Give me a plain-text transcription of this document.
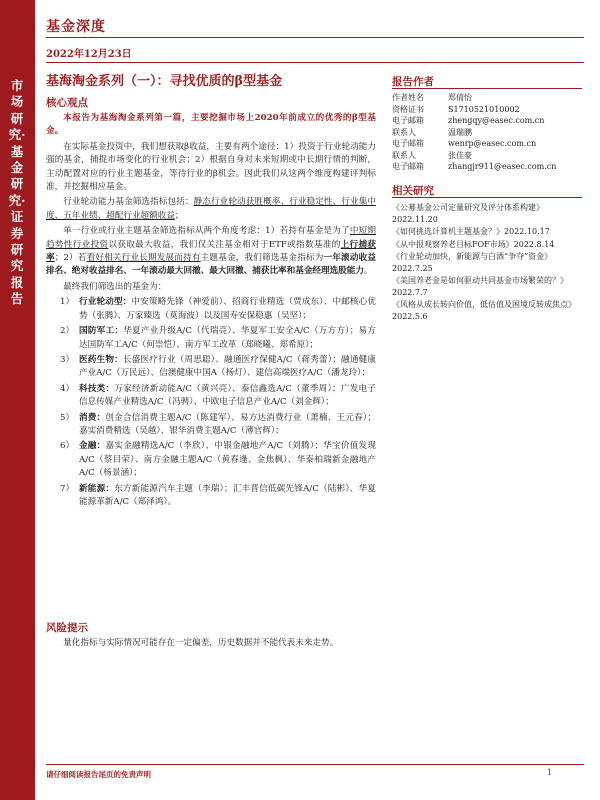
市场研究·基金研究·证券研究报告
基金深度
2022年12月23日
基海淘金系列（一）：寻找优质的β型基金
核心观点

本报告为基海淘金系列第一篇，主要挖掘市场上2020年前成立的优秀的β型基金。

在实际基金投资中，我们想获取β收益，主要有两个途径：1）投资于行业轮动能力强的基金，捕捉市场变化的行业机会；2）根据自身对未来短期或中长期行情的判断，主动配置对应的行业主题基金，等待行业的β机会。因此我们从这两个维度构建评判标准，并挖掘相应基金。

行业轮动能力基金筛选指标包括：静态行业轮动获胜概率、行业稳定性、行业集中度、五年业绩、超配行业超额收益；

单一行业或行业主题基金筛选指标从两个角度考虑：1）若持有基金是为了中短期趋势性行业投资以获取最大收益，我们仅关注基金相对于ETF或指数基准的上行捕获率；2）若看好相关行业长期发展而持有主题基金，我们筛选基金指标为一年滚动收益排名、绝对收益排名、一年滚动最大回撤、最大回撤、捕获比率和基金经理选股能力。

最终我们筛选出的基金为：

1） 行业轮动型：中安策略先锋（神爱前）、招商行业精选（贾成东）、中邮核心优势（张腾）、万家臻选（莫海波）以及国寿安保稳惠（吴坚）；
2） 国防军工：华夏产业升级A/C（代瑞亮）、华夏军工安全A/C（万方方）；易方达国防军工A/C（何崇恺）、南方军工改革（郑晓曦、郑希原）；
3） 医药生物：长盛医疗行业（周思聪）、融通医疗保健A/C（蒋秀蕾）；融通健康产业A/C（万民远）、信澳健康中国A（杨灯）、建信高端医疗A/C（潘龙玲）；
4） 科技类：万家经济新动能A/C（黄兴亮）、泰信鑫选A/C（董季周）；广发电子信息传媒产业精选A/C（冯骋）、中欧电子信息产业A/C（刘金辉）；
5） 消费：创金合信消费主题A/C（陈建军）、易方达消费行业（萧楠、王元春）；嘉实消费精选（吴越）、银华消费主题A/C（薄官辉）；
6） 金融：嘉实金融精选A/C（李欣）、中银金融地产A/C（刘腾）；华宝价值发现A/C（蔡目荣）、南方金融主题A/C（黄春逢、金焦枫）、华泰柏瑞新金融地产A/C（杨景涵）；
7） 新能源：东方新能源汽车主题（李瑞）；汇丰晋信低碳先锋A/C（陆彬）、华夏能源革新A/C（郑泽鸿）。
风险提示

量化指标与实际情况可能存在一定偏差，历史数据并不能代表未来走势。

报告作者
作者姓名	郑倩怡
资格证书	S1710521010002
电子邮箱	zhengqy@easec.com.cn
联系人	温瑞鹏
电子邮箱	wenrp@easec.com.cn
联系人	张佳豪
电子邮箱	zhangjr911@easec.com.cn
相关研究
《公募基金公司定量研究及评分体系构建》2022.11.20
《如何挑选计算机主题基金？》2022.10.17
《从中报观察养老目标FOF市场》2022.8.14
《行业轮动加快，新能源与白酒“争夺”资金》2022.7.25
《美国养老金是如何驱动共同基金市场繁荣的？》2022.7.7
《风格从成长转向价值，低估值及困境反转成焦点》2022.5.6
请仔细阅读报告尾页的免责声明	1
